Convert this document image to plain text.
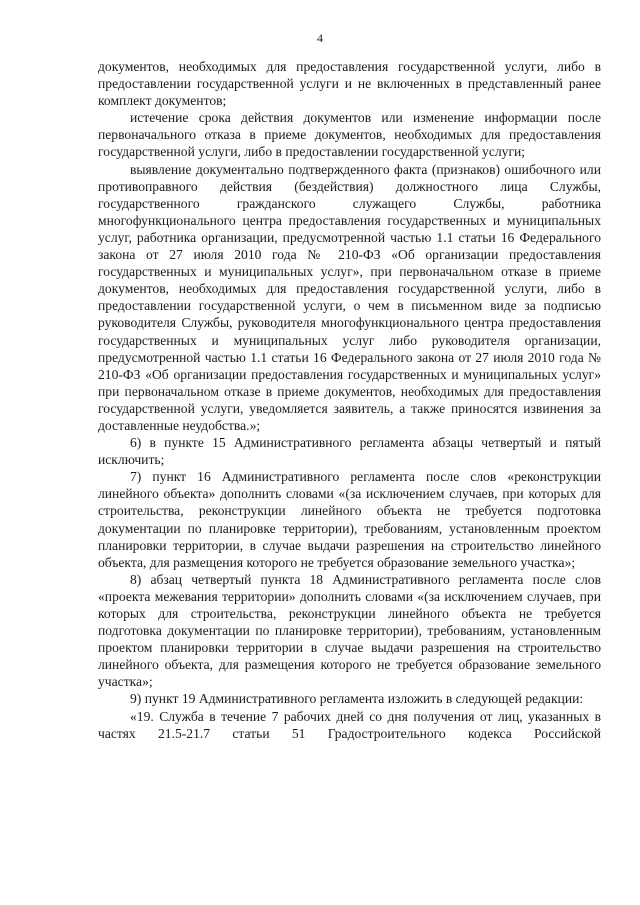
4

документов, необходимых для предоставления государственной услуги, либо в предоставлении государственной услуги и не включенных в представленный ранее комплект документов;

истечение срока действия документов или изменение информации после первоначального отказа в приеме документов, необходимых для предоставления государственной услуги, либо в предоставлении государственной услуги;

выявление документально подтвержденного факта (признаков) ошибочного или противоправного действия (бездействия) должностного лица Службы, государственного гражданского служащего Службы, работника многофункционального центра предоставления государственных и муниципальных услуг, работника организации, предусмотренной частью 1.1 статьи 16 Федерального закона от 27 июля 2010 года № 210-ФЗ «Об организации предоставления государственных и муниципальных услуг», при первоначальном отказе в приеме документов, необходимых для предоставления государственной услуги, либо в предоставлении государственной услуги, о чем в письменном виде за подписью руководителя Службы, руководителя многофункционального центра предоставления государственных и муниципальных услуг либо руководителя организации, предусмотренной частью 1.1 статьи 16 Федерального закона от 27 июля 2010 года № 210-ФЗ «Об организации предоставления государственных и муниципальных услуг» при первоначальном отказе в приеме документов, необходимых для предоставления государственной услуги, уведомляется заявитель, а также приносятся извинения за доставленные неудобства.»;

6) в пункте 15 Административного регламента абзацы четвертый и пятый исключить;

7) пункт 16 Административного регламента после слов «реконструкции линейного объекта» дополнить словами «(за исключением случаев, при которых для строительства, реконструкции линейного объекта не требуется подготовка документации по планировке территории), требованиям, установленным проектом планировки территории, в случае выдачи разрешения на строительство линейного объекта, для размещения которого не требуется образование земельного участка»;

8) абзац четвертый пункта 18 Административного регламента после слов «проекта межевания территории» дополнить словами «(за исключением случаев, при которых для строительства, реконструкции линейного объекта не требуется подготовка документации по планировке территории), требованиям, установленным проектом планировки территории в случае выдачи разрешения на строительство линейного объекта, для размещения которого не требуется образование земельного участка»;

9) пункт 19 Административного регламента изложить в следующей редакции:

«19. Служба в течение 7 рабочих дней со дня получения от лиц, указанных в частях 21.5-21.7 статьи 51 Градостроительного кодекса Российской
